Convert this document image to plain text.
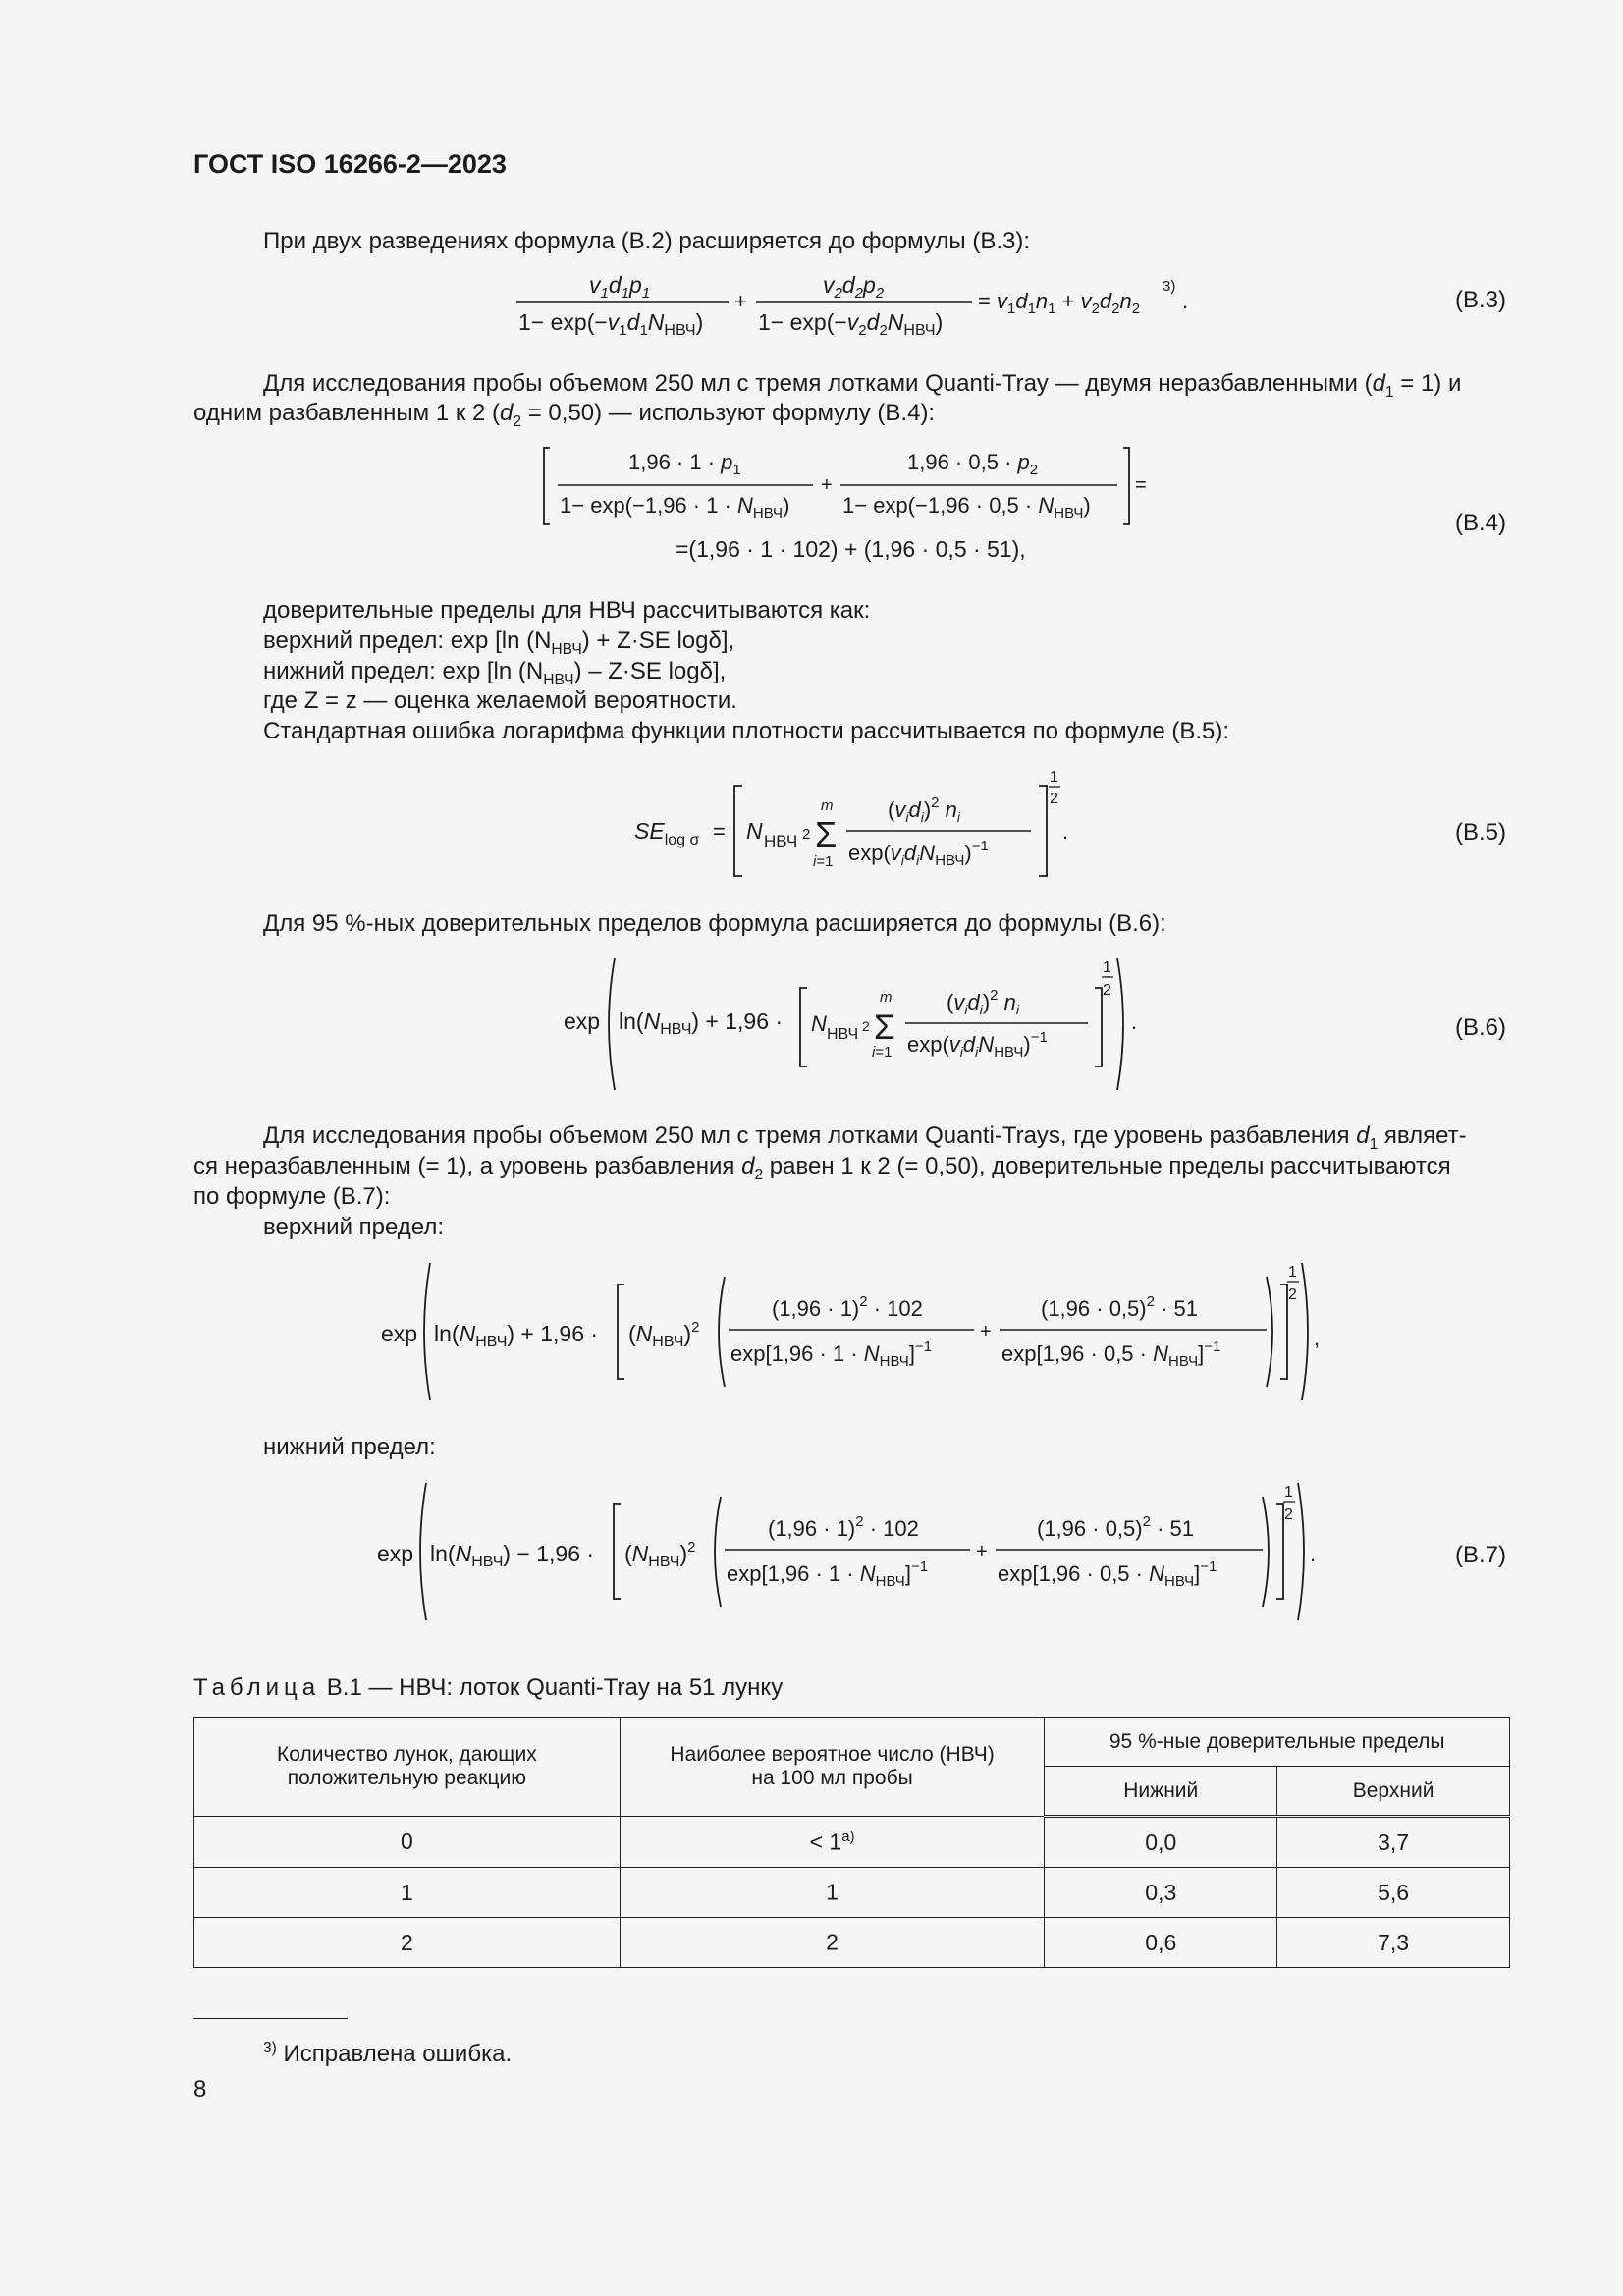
ГОСТ ISO 16266-2—2023
При двух разведениях формула (В.2) расширяется до формулы (В.3):
$v_1d_1p_1$
$1- \exp(-v_1d_1N_{НВЧ})$
+
$v_2d_2p_2$
$1- \exp(-v_2d_2N_{НВЧ})$
= $v_1d_1n_1 + v_2d_2n_2$
3)
.	(В.3)
Для исследования пробы объемом 250 мл с тремя лотками Quanti-Tray — двумя неразбавленными $(d_1 = 1)$ и
одним разбавленным 1 к 2 $(d_2 = 0,50)$ — используют формулу (В.4):
$1,96 \cdot 1 \cdot p_1$
$1- \exp(-1,96 \cdot 1 \cdot N_{НВЧ})$
+
$1,96 \cdot 0,5 \cdot p_2$
$1- \exp(-1,96 \cdot 0,5 \cdot N_{НВЧ})$
=
=(1,96 · 1 · 102) + (1,96 · 0,5 · 51),
(В.4)
доверительные пределы для НВЧ рассчитываются как:
верхний предел: exp [ln $(N_{НВЧ}) + Z\cdot SE$ logδ],
нижний предел: exp [ln $(N_{НВЧ}) - Z\cdot SE$ logδ],
где Z = z — оценка желаемой вероятности.
Стандартная ошибка логарифма функции плотности рассчитывается по формуле (В.5):
$SE_{log \sigma} = N$ НВЧ 2
m
Σ
i=1
$(v_id_i)^2$ $n_i$
$\exp(v_id_iN_{НВЧ})^{-1}$
1
2
.	(В.5)
Для 95 %-ных доверительных пределов формула расширяется до формулы (В.6):
$\exp \ln(N_{НВЧ}) + 1,96 \cdot N$ НВЧ 2
m
Σ
i=1
$(v_id_i)^2$ $n_i$
$\exp(v_id_iN_{НВЧ})^{-1}$
1
2
.	(В.6)
Для исследования пробы объемом 250 мл с тремя лотками Quanti-Trays, где уровень разбавления $d_1$ являет-
ся неразбавленным (= 1), а уровень разбавления $d_2$ равен 1 к 2 (= 0,50), доверительные пределы рассчитываются
по формуле (В.7):
верхний предел:
$\exp \ln(N_{НВЧ}) + 1,96 \cdot (N_{НВЧ})^2$
$(1,96 \cdot 1)^2 \cdot 102$
$\exp[1,96 \cdot 1 \cdot N_{НВЧ}]^{-1}$
+
$(1,96 \cdot 0,5)^2 \cdot 51$
$\exp[1,96 \cdot 0,5 \cdot N_{НВЧ}]^{-1}$
1
2
,
нижний предел:
$\exp \ln(N_{НВЧ}) - 1,96 \cdot (N_{НВЧ})^2$
$(1,96 \cdot 1)^2 \cdot 102$
$\exp[1,96 \cdot 1 \cdot N_{НВЧ}]^{-1}$
+
$(1,96 \cdot 0,5)^2 \cdot 51$
$\exp[1,96 \cdot 0,5 \cdot N_{НВЧ}]^{-1}$
1
2
.	(В.7)
Таблица В.1 — НВЧ: лоток Quanti-Tray на 51 лунку
Количество лунок, дающих положительную реакцию	Наиболее вероятное число (НВЧ) на 100 мл пробы	95 %-ные доверительные пределы	
		Нижний	Верхний
0	< $1^{а)}$	0,0	3,7
1	1	0,3	5,6
2	2	0,6	7,3
$^{3)}$ Исправлена ошибка.
8
